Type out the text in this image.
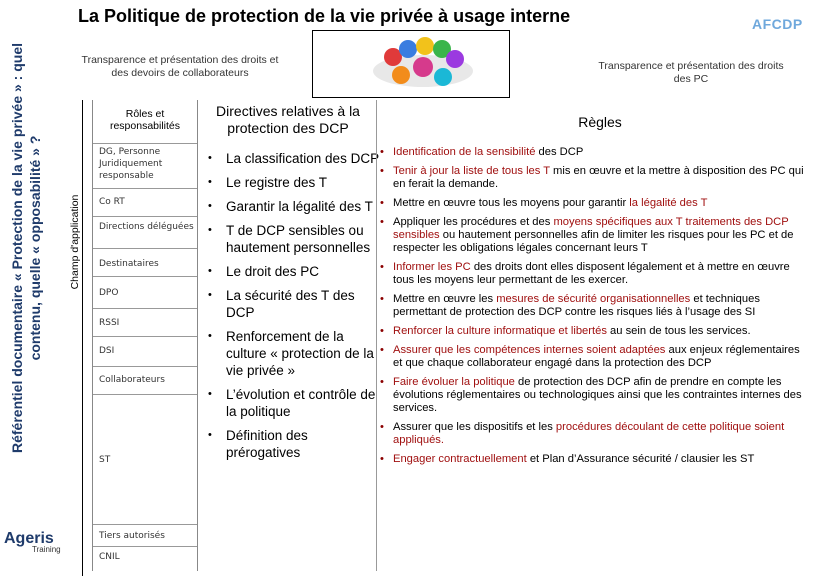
La Politique de protection de la vie privée à usage interne	AFCDP
Référentiel documentaire « Protection de la vie privée » : quel contenu, quelle « opposabilité » ?	Champ d'application
Transparence et présentation des droits et des devoirs de collaborateurs
Transparence et présentation des droits des PC
Rôles et responsabilités
DG, Personne Juridiquement responsable
Co RT
Directions déléguées
Destinataires
DPO
RSSI
DSI
Collaborateurs
ST
Tiers autorisés
CNIL
Directives relatives à la protection des DCP
• La classification des DCP
• Le registre des T
• Garantir la légalité des T
• T de DCP sensibles ou hautement personnelles
• Le droit des PC
• La sécurité des T des DCP
• Renforcement de la culture « protection de la vie privée »
• L’évolution et contrôle de la politique
• Définition des prérogatives
Règles
• Identification de la sensibilité des DCP
• Tenir à jour la liste de tous les T mis en œuvre et la mettre à disposition des PC qui en ferait la demande.
• Mettre en œuvre tous les moyens pour garantir la légalité des T
• Appliquer les procédures et des moyens spécifiques aux T traitements des DCP sensibles ou hautement personnelles afin de limiter les risques pour les PC et de respecter les obligations légales concernant leurs T
• Informer les PC des droits dont elles disposent légalement et à mettre en œuvre tous les moyens leur permettant de les exercer.
• Mettre en œuvre les mesures de sécurité organisationnelles et techniques permettant de protection des DCP contre les risques liés à l’usage des SI
• Renforcer la culture informatique et libertés au sein de tous les services.
• Assurer que les compétences internes soient adaptées aux enjeux réglementaires et que chaque collaborateur engagé dans la protection des DCP
• Faire évoluer la politique de protection des DCP afin de prendre en compte les évolutions réglementaires ou technologiques ainsi que les contraintes internes des services.
• Assurer que les dispositifs et les procédures découlant de cette politique soient appliqués.
• Engager contractuellement et Plan d’Assurance sécurité / clausier les ST
Ageris
Training
